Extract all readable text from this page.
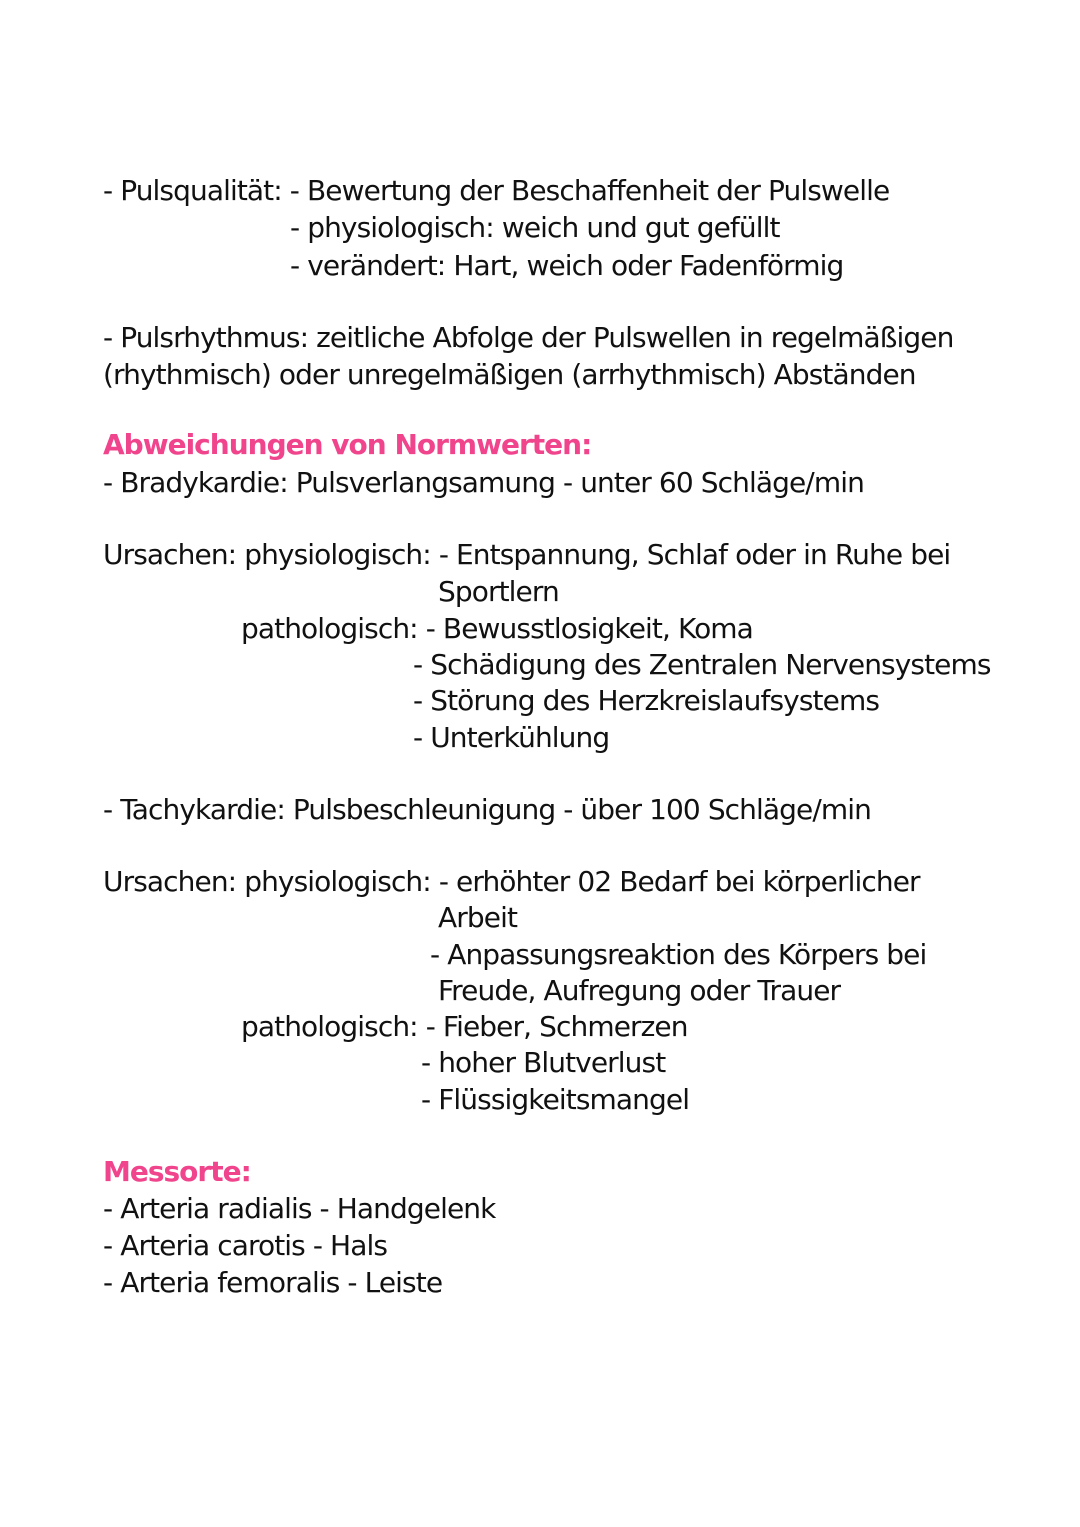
- Pulsqualität: - Bewertung der Beschaffenheit der Pulswelle
- physiologisch: weich und gut gefüllt
- verändert: Hart, weich oder Fadenförmig
- Pulsrhythmus: zeitliche Abfolge der Pulswellen in regelmäßigen
(rhythmisch) oder unregelmäßigen (arrhythmisch) Abständen
Abweichungen von Normwerten:
- Bradykardie: Pulsverlangsamung - unter 60 Schläge/min
Ursachen: physiologisch: - Entspannung, Schlaf oder in Ruhe bei
Sportlern
pathologisch: - Bewusstlosigkeit, Koma
- Schädigung des Zentralen Nervensystems
- Störung des Herzkreislaufsystems
- Unterkühlung
- Tachykardie: Pulsbeschleunigung - über 100 Schläge/min
Ursachen: physiologisch: - erhöhter 02 Bedarf bei körperlicher
Arbeit
- Anpassungsreaktion des Körpers bei
Freude, Aufregung oder Trauer
pathologisch: - Fieber, Schmerzen
- hoher Blutverlust
- Flüssigkeitsmangel
Messorte:
- Arteria radialis - Handgelenk
- Arteria carotis - Hals
- Arteria femoralis - Leiste
